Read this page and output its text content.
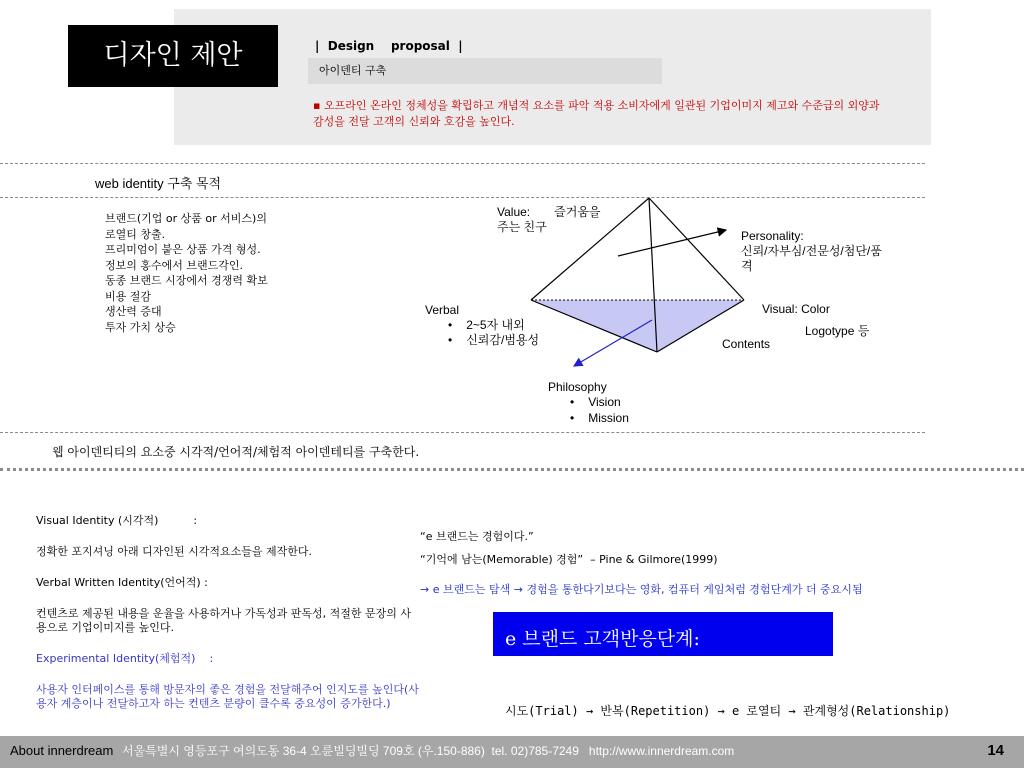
디자인 제안	|  Design    proposal  |
아이덴티 구축
▪ 오프라인 온라인 정체성을 확립하고 개념적 요소를 파악 적용 소비자에게 일관된 기업이미지 제고와 수준급의 외양과 감성을 전달 고객의 신뢰와 호감을 높인다.
web identity 구축 목적
브랜드(기업 or 상품 or 서비스)의
로열티 창출.
프리미엄이 붙은 상품 가격 형성.
정보의 홍수에서 브랜드각인.
동종 브랜드 시장에서 경쟁력 확보
비용 절감
생산력 증대
투자 가치 상승
Value: 즐거움을
주는 친구
Personality:
신뢰/자부심/전문성/첨단/품
격
Verbal
• 2~5자 내외
• 신뢰감/범용성
Visual: Color
Logotype 등
Contents
Philosophy
• Vision
• Mission
웹 아이덴티티의 요소중 시각적/언어적/체험적 아이덴테티를 구축한다.

Visual Identity (시각적)          :

정확한 포지셔닝 아래 디자인된 시각적요소들을 제작한다.

Verbal Written Identity(언어적) :

컨텐츠로 제공된 내용을 운율을 사용하거나 가독성과 판독성, 적절한 문장의 사용으로 기업이미지를 높인다.

Experimental Identity(체험적)    :

사용자 인터페이스를 통해 방문자의 좋은 경험을 전달해주어 인지도를 높인다(사용자 계층이나 전달하고자 하는 컨텐츠 분량이 클수록 중요성이 증가한다.)

“e 브랜드는 경험이다.”
“기억에 남는(Memorable) 경험”  – Pine & Gilmore(1999)
→ e 브랜드는 탐색 → 경험을 통한다기보다는 영화, 컴퓨터 게임처럼 경험단계가 더 중요시됨
e 브랜드 고객반응단계:
시도(Trial) → 반복(Repetition) → e 로열티 → 관계형성(Relationship)
About innerdream 서울특별시 영등포구 여의도동 36-4 오륜빌딩빌딩 709호 (우.150-886)  tel. 02)785-7249   http://www.innerdream.com	14
